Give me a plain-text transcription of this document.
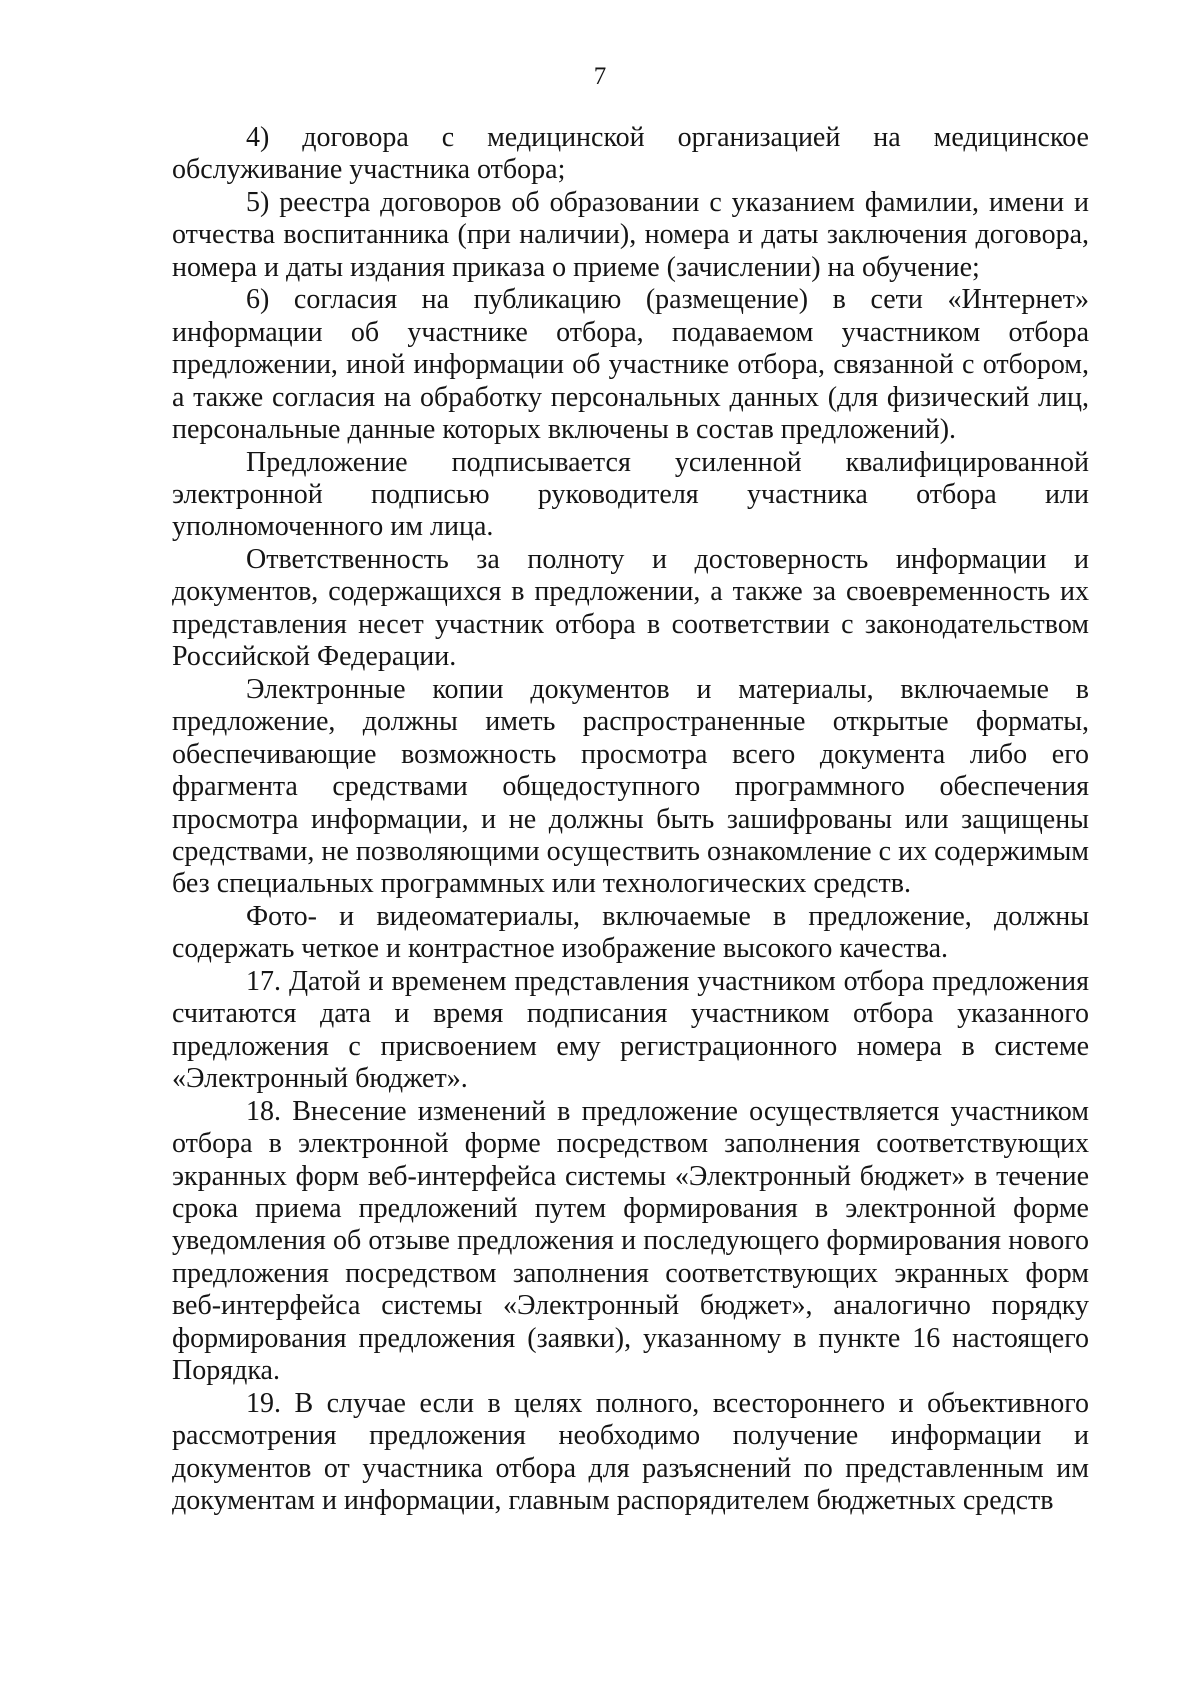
7

4) договора с медицинской организацией на медицинское обслуживание участника отбора;

5) реестра договоров об образовании с указанием фамилии, имени и отчества воспитанника (при наличии), номера и даты заключения договора, номера и даты издания приказа о приеме (зачислении) на обучение;

6) согласия на публикацию (размещение) в сети «Интернет» информации об участнике отбора, подаваемом участником отбора предложении, иной информации об участнике отбора, связанной с отбором, а также согласия на обработку персональных данных (для физический лиц, персональные данные которых включены в состав предложений).

Предложение подписывается усиленной квалифицированной электронной подписью руководителя участника отбора или уполномоченного им лица.

Ответственность за полноту и достоверность информации и документов, содержащихся в предложении, а также за своевременность их представления несет участник отбора в соответствии с законодательством Российской Федерации.

Электронные копии документов и материалы, включаемые в предложение, должны иметь распространенные открытые форматы, обеспечивающие возможность просмотра всего документа либо его фрагмента средствами общедоступного программного обеспечения просмотра информации, и не должны быть зашифрованы или защищены средствами, не позволяющими осуществить ознакомление с их содержимым без специальных программных или технологических средств.

Фото- и видеоматериалы, включаемые в предложение, должны содержать четкое и контрастное изображение высокого качества.

17. Датой и временем представления участником отбора предложения считаются дата и время подписания участником отбора указанного предложения с присвоением ему регистрационного номера в системе «Электронный бюджет».

18. Внесение изменений в предложение осуществляется участником отбора в электронной форме посредством заполнения соответствующих экранных форм веб-интерфейса системы «Электронный бюджет» в течение срока приема предложений путем формирования в электронной форме уведомления об отзыве предложения и последующего формирования нового предложения посредством заполнения соответствующих экранных форм веб-интерфейса системы «Электронный бюджет», аналогично порядку формирования предложения (заявки), указанному в пункте 16 настоящего Порядка.

19. В случае если в целях полного, всестороннего и объективного рассмотрения предложения необходимо получение информации и документов от участника отбора для разъяснений по представленным им документам и информации, главным распорядителем бюджетных средств
